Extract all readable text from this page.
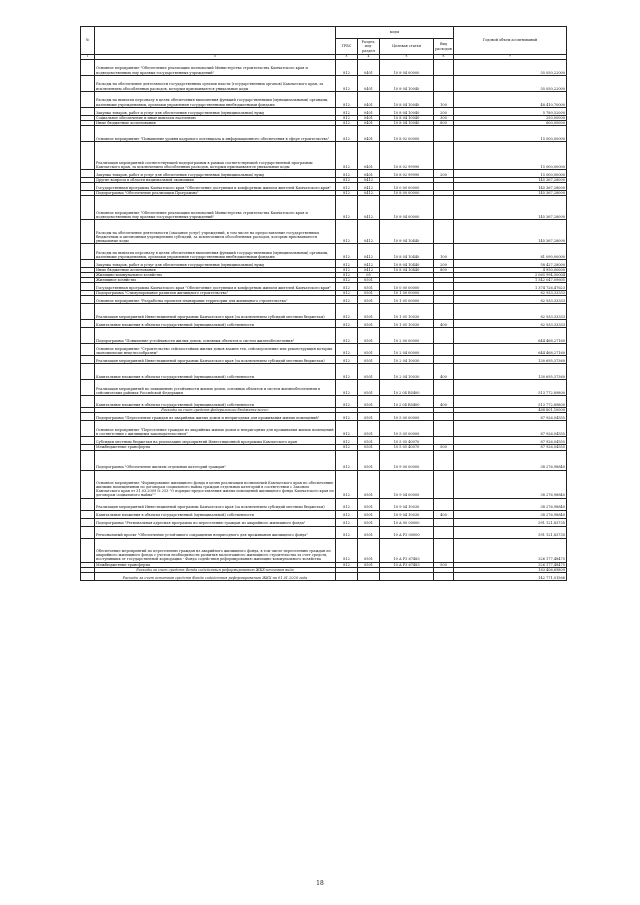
№		коды				Годовой объем ассигнований
		ГРБС	Раздел, под-раздел	Целевая статья	Вид расходов	
1	2	3	4	5	6	7
	Основное мероприятие "Обеспечение реализации полномочий Министерства строительства Камчатского края и подведомственных ему краевых государственных учреждений"	812	0401	10 8 04 00000		55 050,22000
	Расходы на обеспечение деятельности государственных органов власти (государственных органов) Камчатского края, за исключением обособленных расходов, которым присваиваются уникальные коды	812	0401	10 8 04 10040		55 050,22000
	Расходы на выплаты персоналу в целях обеспечения выполнения функций государственными (муниципальными) органами, казенными учреждениями, органами управления государственными внебюджетными фондами	812	0401	10 8 04 10040	100	48 410,70000
	Закупка товаров, работ и услуг для обеспечения государственных (муниципальных) нужд	812	0401	10 8 04 10040	200	5 789,52000
	Социальное обеспечение и иные выплаты населению	812	0401	10 8 04 10040	300	250,00000
	Иные бюджетные ассигнования	812	0401	10 8 04 10040	800	600,00000
	Основное мероприятие "Повышение уровня кадрового потенциала и информационного обеспечения в сфере строительства"	812	0401	10 8 02 00000		15 000,00000
	Реализация мероприятий соответствующей подпрограммы в рамках соответствующей государственной программы Камчатского края, за исключением обособленных расходов, которым присваиваются уникальные коды	812	0401	10 8 02 99990		15 000,00000
	Закупка товаров, работ и услуг для обеспечения государственных (муниципальных) нужд	812	0401	10 8 02 99990	200	15 000,00000
	Другие вопросы в области национальной экономики	812	0412			145 367,28000
	Государственная программа Камчатского края "Обеспечение доступным и комфортным жильем жителей Камчатского края"	812	0412	10 0 00 00000		145 367,28000
	Подпрограмма "Обеспечение реализации Программы"	812	0412	10 8 00 00000		145 367,28000
	Основное мероприятие "Обеспечение реализации полномочий Министерства строительства Камчатского края и подведомственных ему краевых государственных учреждений"	812	0412	10 8 04 00000		145 367,28000
	Расходы на обеспечение деятельности (оказание услуг) учреждений, в том числе на предоставление государственным бюджетным и автономным учреждениям субсидий, за исключением обособленных расходов, которым присваиваются уникальные коды	812	0412	10 8 04 10440		145 367,28000
	Расходы на выплаты персоналу в целях обеспечения выполнения функций государственными (муниципальными) органами, казенными учреждениями, органами управления государственными внебюджетными фондами	812	0412	10 8 04 10440	100	81 090,00000
	Закупка товаров, работ и услуг для обеспечения государственных (муниципальных) нужд	812	0412	10 8 04 10440	200	58 427,28000
	Иные бюджетные ассигнования	812	0412	10 8 04 10440	800	4 950,00000
	Жилищно-коммунальное хозяйство	812	05			2 065 994,50004
	Жилищное хозяйство	812	0501			1 542 047,09605
	Государственная программа Камчатского края "Обеспечение доступным и комфортным жильем жителей Камчатского края"	812	0501	10 0 00 00000		1 374 726,47623
	Подпрограмма "Стимулирование развития жилищного строительства"	812	0501	10 1 00 00000		82 933,33333
	Основное мероприятие "Разработка проектов планировки территории для жилищного строительства"	812	0501	10 1 05 00000		82 933,33333
	Реализация мероприятий Инвестиционной программы Камчатского края (за исключением субсидий местным бюджетам)	812	0501	10 1 05 10030		82 933,33333
	Капитальные вложения в объекты государственной (муниципальной) собственности	812	0501	10 1 05 10030	400	82 933,33333
	Подпрограмма "Повышение устойчивости жилых домов, основных объектов и систем жизнеобеспечения"	812	0501	10 2 00 00000		644 468,27160
	Основное мероприятие "Строительство сейсмостойких жилых домов взамен тех, сейсмоусиление или реконструкция которых экономически нецелесообразны"	812	0501	10 2 04 00000		644 468,27160
	Реализация мероприятий Инвестиционной программы Камчатского края (за исключением субсидий местным бюджетам)	812	0501	10 2 04 10030		130 695,37360
	Капитальные вложения в объекты государственной (муниципальной) собственности	812	0501	10 2 04 10030	400	130 695,37360
	Реализация мероприятий по повышению устойчивости жилых домов, основных объектов и систем жизнеобеспечения в сейсмических районах Российской Федерации	812	0501	10 2 04 R5400		513 772,89800
	Капитальные вложения в объекты государственной (муниципальной) собственности	812	0501	10 2 04 R5400	400	513 772,89800
	Расходы за счет средств федерального бюджета-всего:					488 801,10000
	Подпрограмма "Переселение граждан из аварийных жилых домов и непригодных для проживания жилых помещений"	812	0501	10 5 00 00000		87 926,04555
	Основное мероприятие "Переселение граждан из аварийных жилых домов и непригодных для проживания жилых помещений в соответствии с жилищным законодательством"	812	0501	10 5 05 00000		87 926,04555
	Субсидии местным бюджетам на реализацию мероприятий Инвестиционной программы Камчатского края	812	0501	10 5 05 40070		87 926,04555
	Межбюджетные трансферты	812	0501	10 5 05 40070	500	87 926,04555
	Подпрограмма "Обеспечение жильем отдельных категорий граждан"	812	0501	10 9 00 00000		38 276,98840
	Основное мероприятие "Формирование жилищного фонда в целях реализации полномочий Камчатского края по обеспечению жилыми помещениями по договорам социального найма граждан отдельных категорий в соответствии с Законом Камчатского края от 31.03.2009 № 253 "О порядке предоставления жилых помещений жилищного фонда Камчатского края по договорам социального найма""	812	0501	10 9 04 00000		38 276,98840
	Реализация мероприятий Инвестиционной программы Камчатского края (за исключением субсидий местным бюджетам)	812	0501	10 9 04 10030		38 276,98840
	Капитальные вложения в объекты государственной (муниципальной) собственности	812	0501	10 9 04 10030	400	38 276,98840
	Подпрограмма "Региональная адресная программа по переселению граждан из аварийного жилищного фонда"	812	0501	10 А 00 00000		591 121,83735
	Региональный проект "Обеспечение устойчивого сокращения непригодного для проживания жилищного фонда"	812	0501	10 А F3 00000		591 121,83735
	Обеспечение мероприятий по переселению граждан из аварийного жилищного фонда, в том числе переселению граждан из аварийного жилищного фонда с учетом необходимости развития малоэтажного жилищного строительства за счет средств, поступивших от государственной корпорации - Фонда содействия реформированию жилищно-коммунального хозяйства	812	0501	10 А F3 67483		326 177,48475
	Межбюджетные трансферты	812	0501	10 А F3 67483	500	326 177,48475
	Расходы за счет средств Фонда содействия реформированию ЖКХ-итоговая вида					183 406,69809
	Расходы за счет остатков средств Фонда содействия реформированию ЖКХ на 01.01.2020 года					142 771,01566
18
